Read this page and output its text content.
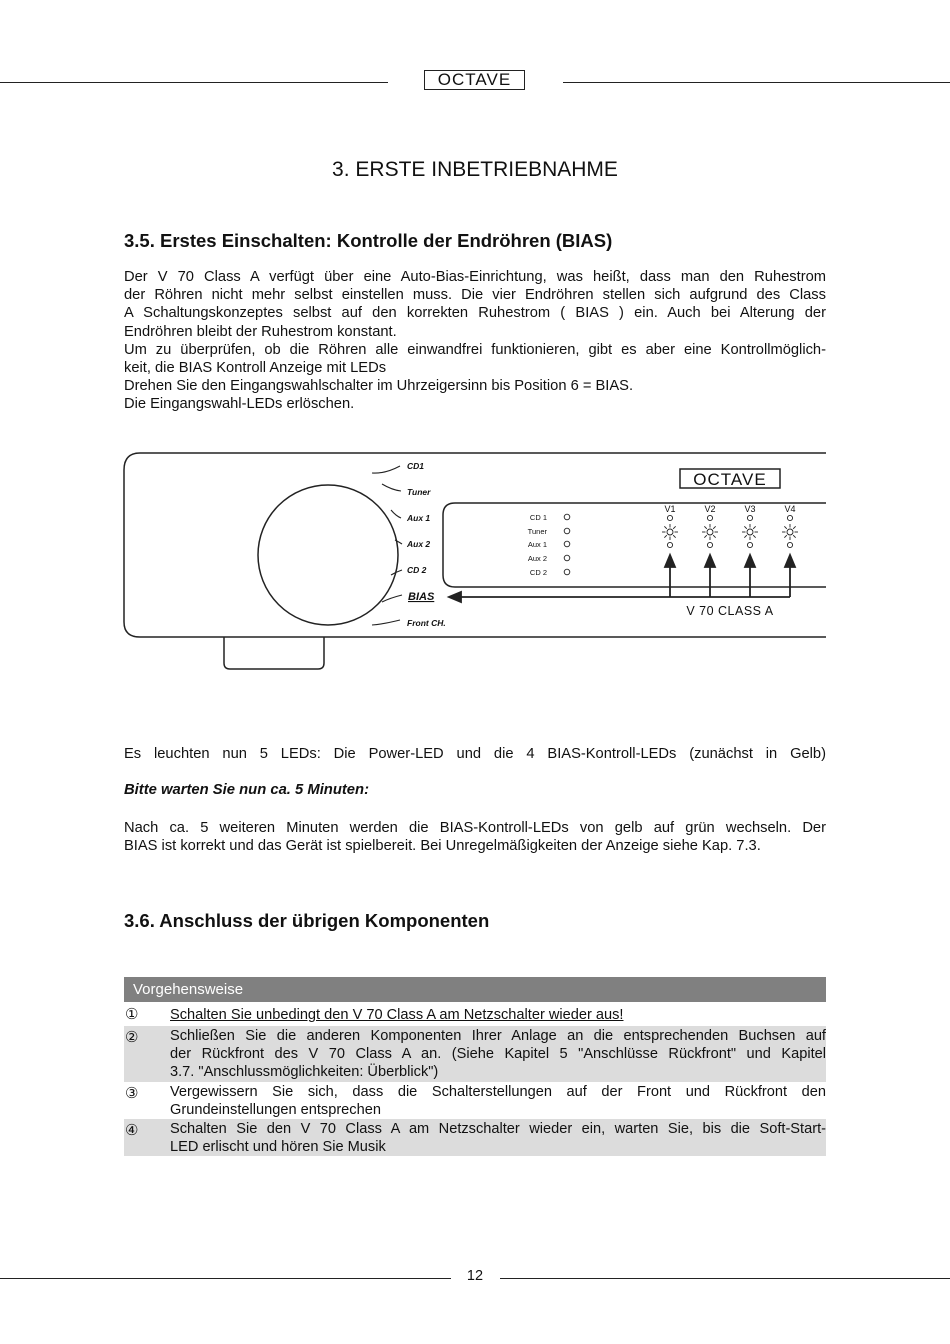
OCTAVE
3. ERSTE INBETRIEBNAHME
3.5. Erstes Einschalten: Kontrolle der Endröhren (BIAS)
Der V 70 Class A verfügt über eine Auto-Bias-Einrichtung, was heißt, dass man den Ruhestrom
der Röhren nicht mehr selbst einstellen muss. Die vier Endröhren stellen sich aufgrund des Class
A Schaltungskonzeptes selbst auf den korrekten Ruhestrom ( BIAS ) ein. Auch bei Alterung der
Endröhren bleibt der Ruhestrom konstant.
Um zu überprüfen, ob die Röhren alle einwandfrei funktionieren, gibt es aber eine Kontrollmöglich-
keit, die BIAS Kontroll Anzeige mit LEDs
Drehen Sie den Eingangswahlschalter im Uhrzeigersinn bis Position 6 = BIAS.
Die Eingangswahl-LEDs erlöschen.
CD1
Tuner
Aux 1
Aux 2
CD 2
Front CH.
BIAS
OCTAVE
CD 1
Tuner
Aux 1
Aux 2
CD 2
V1	V2	V3	V4
V 70 CLASS A
Es leuchten nun 5 LEDs: Die Power-LED und die 4 BIAS-Kontroll-LEDs (zunächst in Gelb)
Bitte warten Sie nun ca. 5 Minuten:
Nach ca. 5 weiteren Minuten werden die BIAS-Kontroll-LEDs von gelb auf grün wechseln. Der
BIAS ist korrekt und das Gerät ist spielbereit. Bei Unregelmäßigkeiten der Anzeige siehe Kap. 7.3.
3.6. Anschluss der übrigen Komponenten
Vorgehensweise
①	Schalten Sie unbedingt den V 70 Class A am Netzschalter wieder aus!
②	Schließen Sie die anderen Komponenten Ihrer Anlage an die entsprechenden Buchsen auf
der Rückfront des V 70 Class A an. (Siehe Kapitel 5 "Anschlüsse Rückfront" und Kapitel
3.7. "Anschlussmöglichkeiten: Überblick")
③	Vergewissern Sie sich, dass die Schalterstellungen auf der Front und Rückfront den
Grundeinstellungen entsprechen
④	Schalten Sie den V 70 Class A am Netzschalter wieder ein, warten Sie, bis die Soft-Start-
LED erlischt und hören Sie Musik
12
